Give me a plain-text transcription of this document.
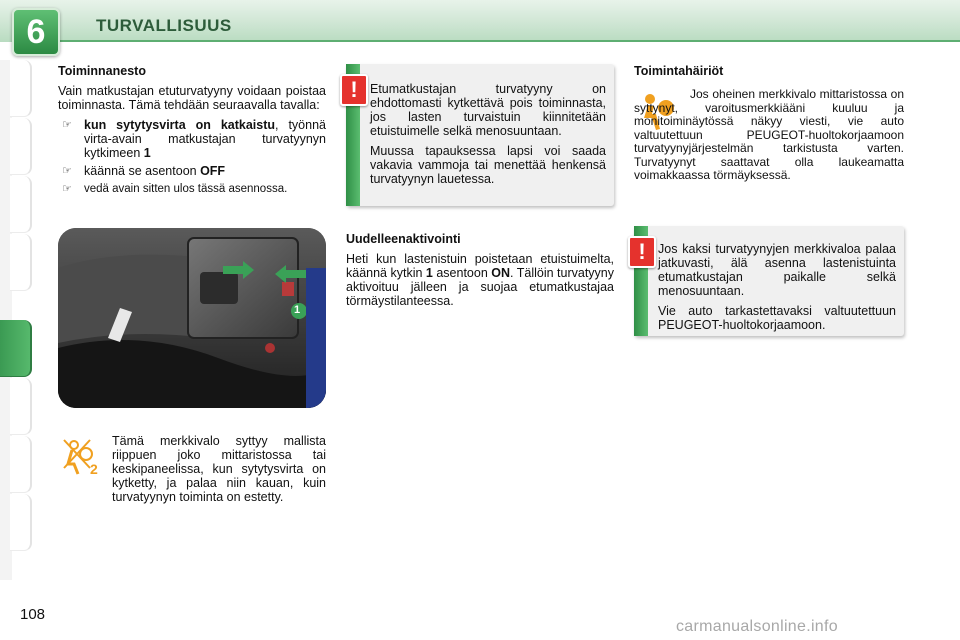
6	TURVALLISUUS
Toiminnanesto

Vain matkustajan etuturvatyyny voidaan poistaa toiminnasta. Tämä tehdään seuraavalla tavalla:

☞ kun sytytysvirta on katkaistu, työnnä virta-avain matkustajan turvatyynyn kytkimeen 1
☞ käännä se asentoon OFF
☞	vedä avain sitten ulos tässä asennossa.
1
2

Tämä merkkivalo syttyy mallista riippuen joko mittaristossa tai keskipaneelissa, kun sytytysvirta on kytketty, ja palaa niin kauan, kuin turvatyynyn toiminta on estetty.

Etumatkustajan turvatyyny on ehdottomasti kytkettävä pois toiminnasta, jos lasten turvaistuin kiinnitetään etuistuimelle selkä menosuuntaan.

Muussa tapauksessa lapsi voi saada vakavia vammoja tai menettää henkensä turvatyynyn lauetessa.

!
Uudelleenaktivointi

Heti kun lastenistuin poistetaan etuistuimelta, käännä kytkin 1 asentoon ON. Tällöin turvatyyny aktivoituu jälleen ja suojaa etumatkustajaa törmäystilanteessa.

Toimintahäiriöt

Jos oheinen merkkivalo mittaristossa on syttynyt, varoitusmerkkiääni kuuluu ja monitoiminäytössä näkyy viesti, vie auto valtuutettuun PEUGEOT-huoltokorjaamoon turvatyynyjärjestelmän tarkistusta varten. Turvatyynyt saattavat olla laukeamatta voimakkaassa törmäyksessä.

Jos kaksi turvatyynyjen merkkivaloa palaa jatkuvasti, älä asenna lastenistuinta etumatkustajan paikalle selkä menosuuntaan.

Vie auto tarkastettavaksi valtuutettuun PEUGEOT-huoltokorjaamoon.

!
108
carmanualsonline.info
